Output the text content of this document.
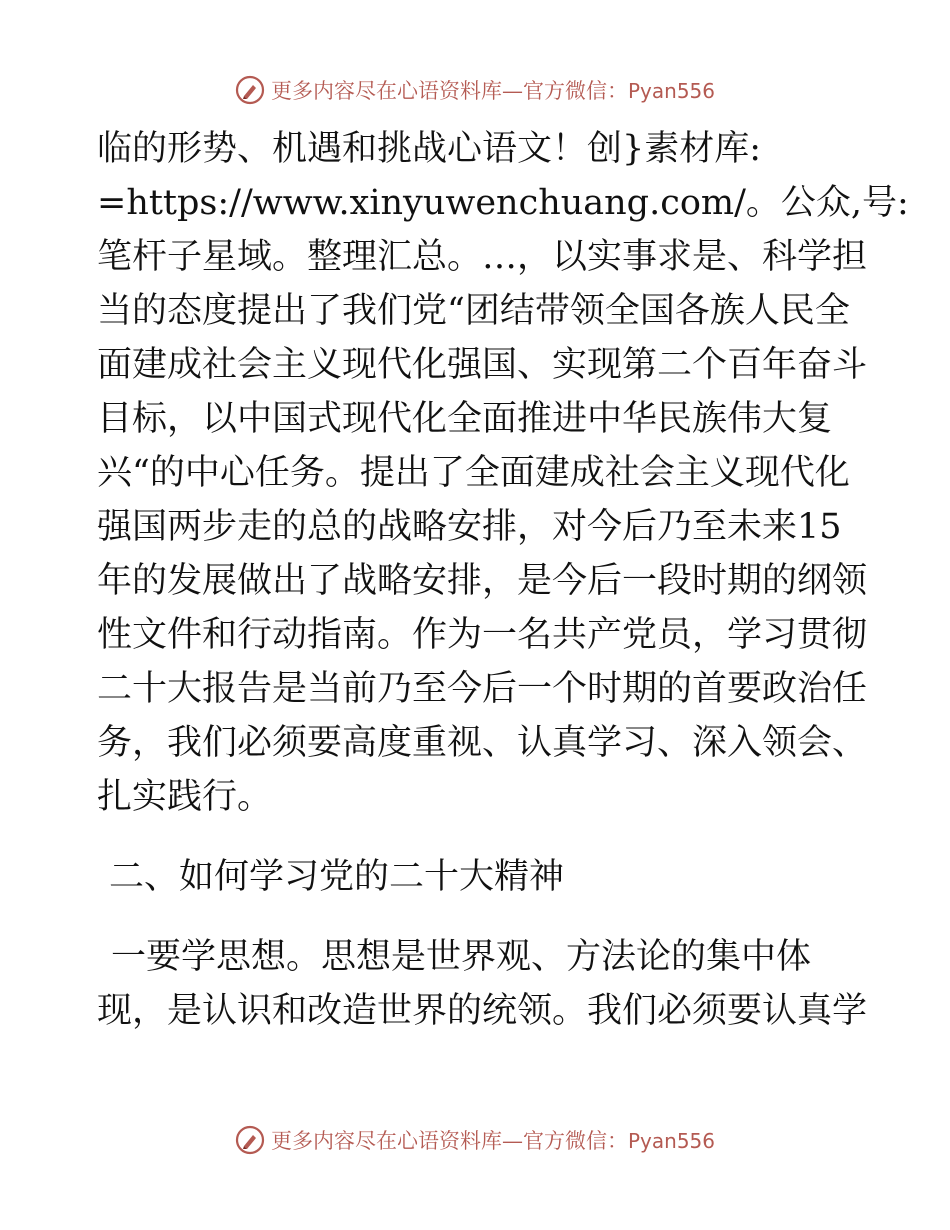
更多内容尽在心语资料库—官方微信：Pyan556
临的形势、机遇和挑战心语文！创}素材库:
=https://www.xinyuwenchuang.com/。公众,号:
笔杆子星域。整理汇总。…，以实事求是、科学担
当的态度提出了我们党“团结带领全国各族人民全
面建成社会主义现代化强国、实现第二个百年奋斗
目标，以中国式现代化全面推进中华民族伟大复
兴“的中心任务。提出了全面建成社会主义现代化
强国两步走的总的战略安排，对今后乃至未来15
年的发展做出了战略安排，是今后一段时期的纲领
性文件和行动指南。作为一名共产党员，学习贯彻
二十大报告是当前乃至今后一个时期的首要政治任
务，我们必须要高度重视、认真学习、深入领会、
扎实践行。
二、如何学习党的二十大精神
一要学思想。思想是世界观、方法论的集中体
现，是认识和改造世界的统领。我们必须要认真学
更多内容尽在心语资料库—官方微信：Pyan556
